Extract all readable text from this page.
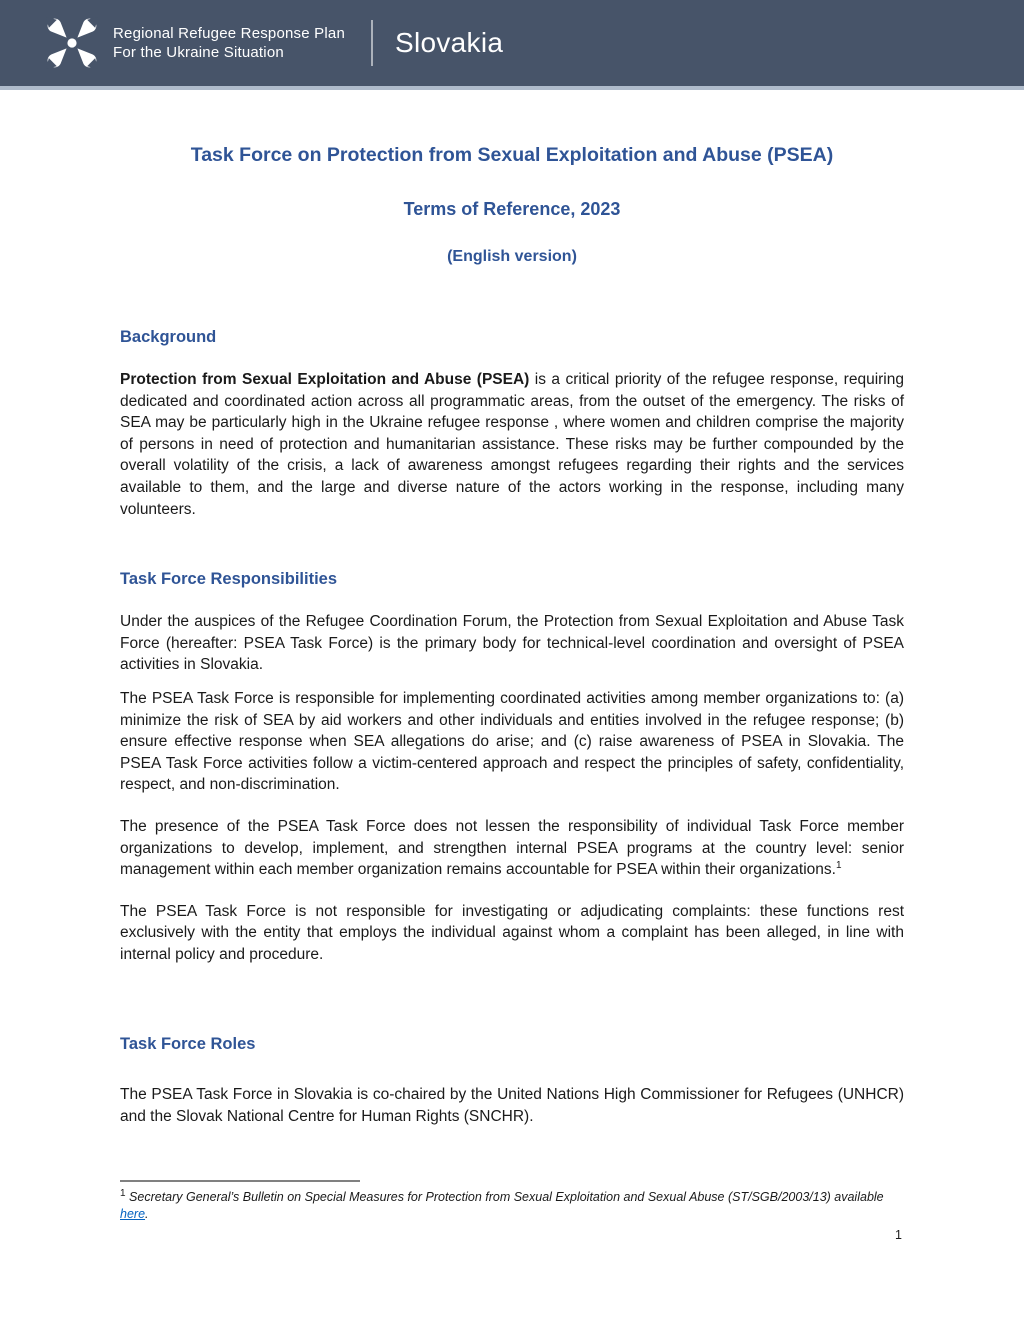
Regional Refugee Response Plan
For the Ukraine Situation	Slovakia
Task Force on Protection from Sexual Exploitation and Abuse (PSEA)
Terms of Reference, 2023
(English version)
Background

Protection from Sexual Exploitation and Abuse (PSEA) is a critical priority of the refugee response, requiring dedicated and coordinated action across all programmatic areas, from the outset of the emergency. The risks of SEA may be particularly high in the Ukraine refugee response , where women and children comprise the majority of persons in need of protection and humanitarian assistance. These risks may be further compounded by the overall volatility of the crisis, a lack of awareness amongst refugees regarding their rights and the services available to them, and the large and diverse nature of the actors working in the response, including many volunteers.

Task Force Responsibilities

Under the auspices of the Refugee Coordination Forum, the Protection from Sexual Exploitation and Abuse Task Force (hereafter: PSEA Task Force) is the primary body for technical-level coordination and oversight of PSEA activities in Slovakia.

The PSEA Task Force is responsible for implementing coordinated activities among member organizations to: (a) minimize the risk of SEA by aid workers and other individuals and entities involved in the refugee response; (b) ensure effective response when SEA allegations do arise; and (c) raise awareness of PSEA in Slovakia. The PSEA Task Force activities follow a victim-centered approach and respect the principles of safety, confidentiality, respect, and non-discrimination.

The presence of the PSEA Task Force does not lessen the responsibility of individual Task Force member organizations to develop, implement, and strengthen internal PSEA programs at the country level: senior management within each member organization remains accountable for PSEA within their organizations.$^1$

The PSEA Task Force is not responsible for investigating or adjudicating complaints: these functions rest exclusively with the entity that employs the individual against whom a complaint has been alleged, in line with internal policy and procedure.

Task Force Roles

The PSEA Task Force in Slovakia is co-chaired by the United Nations High Commissioner for Refugees (UNHCR) and the Slovak National Centre for Human Rights (SNCHR).

$^1$ Secretary General’s Bulletin on Special Measures for Protection from Sexual Exploitation and Sexual Abuse (ST/SGB/2003/13) available here.
1
